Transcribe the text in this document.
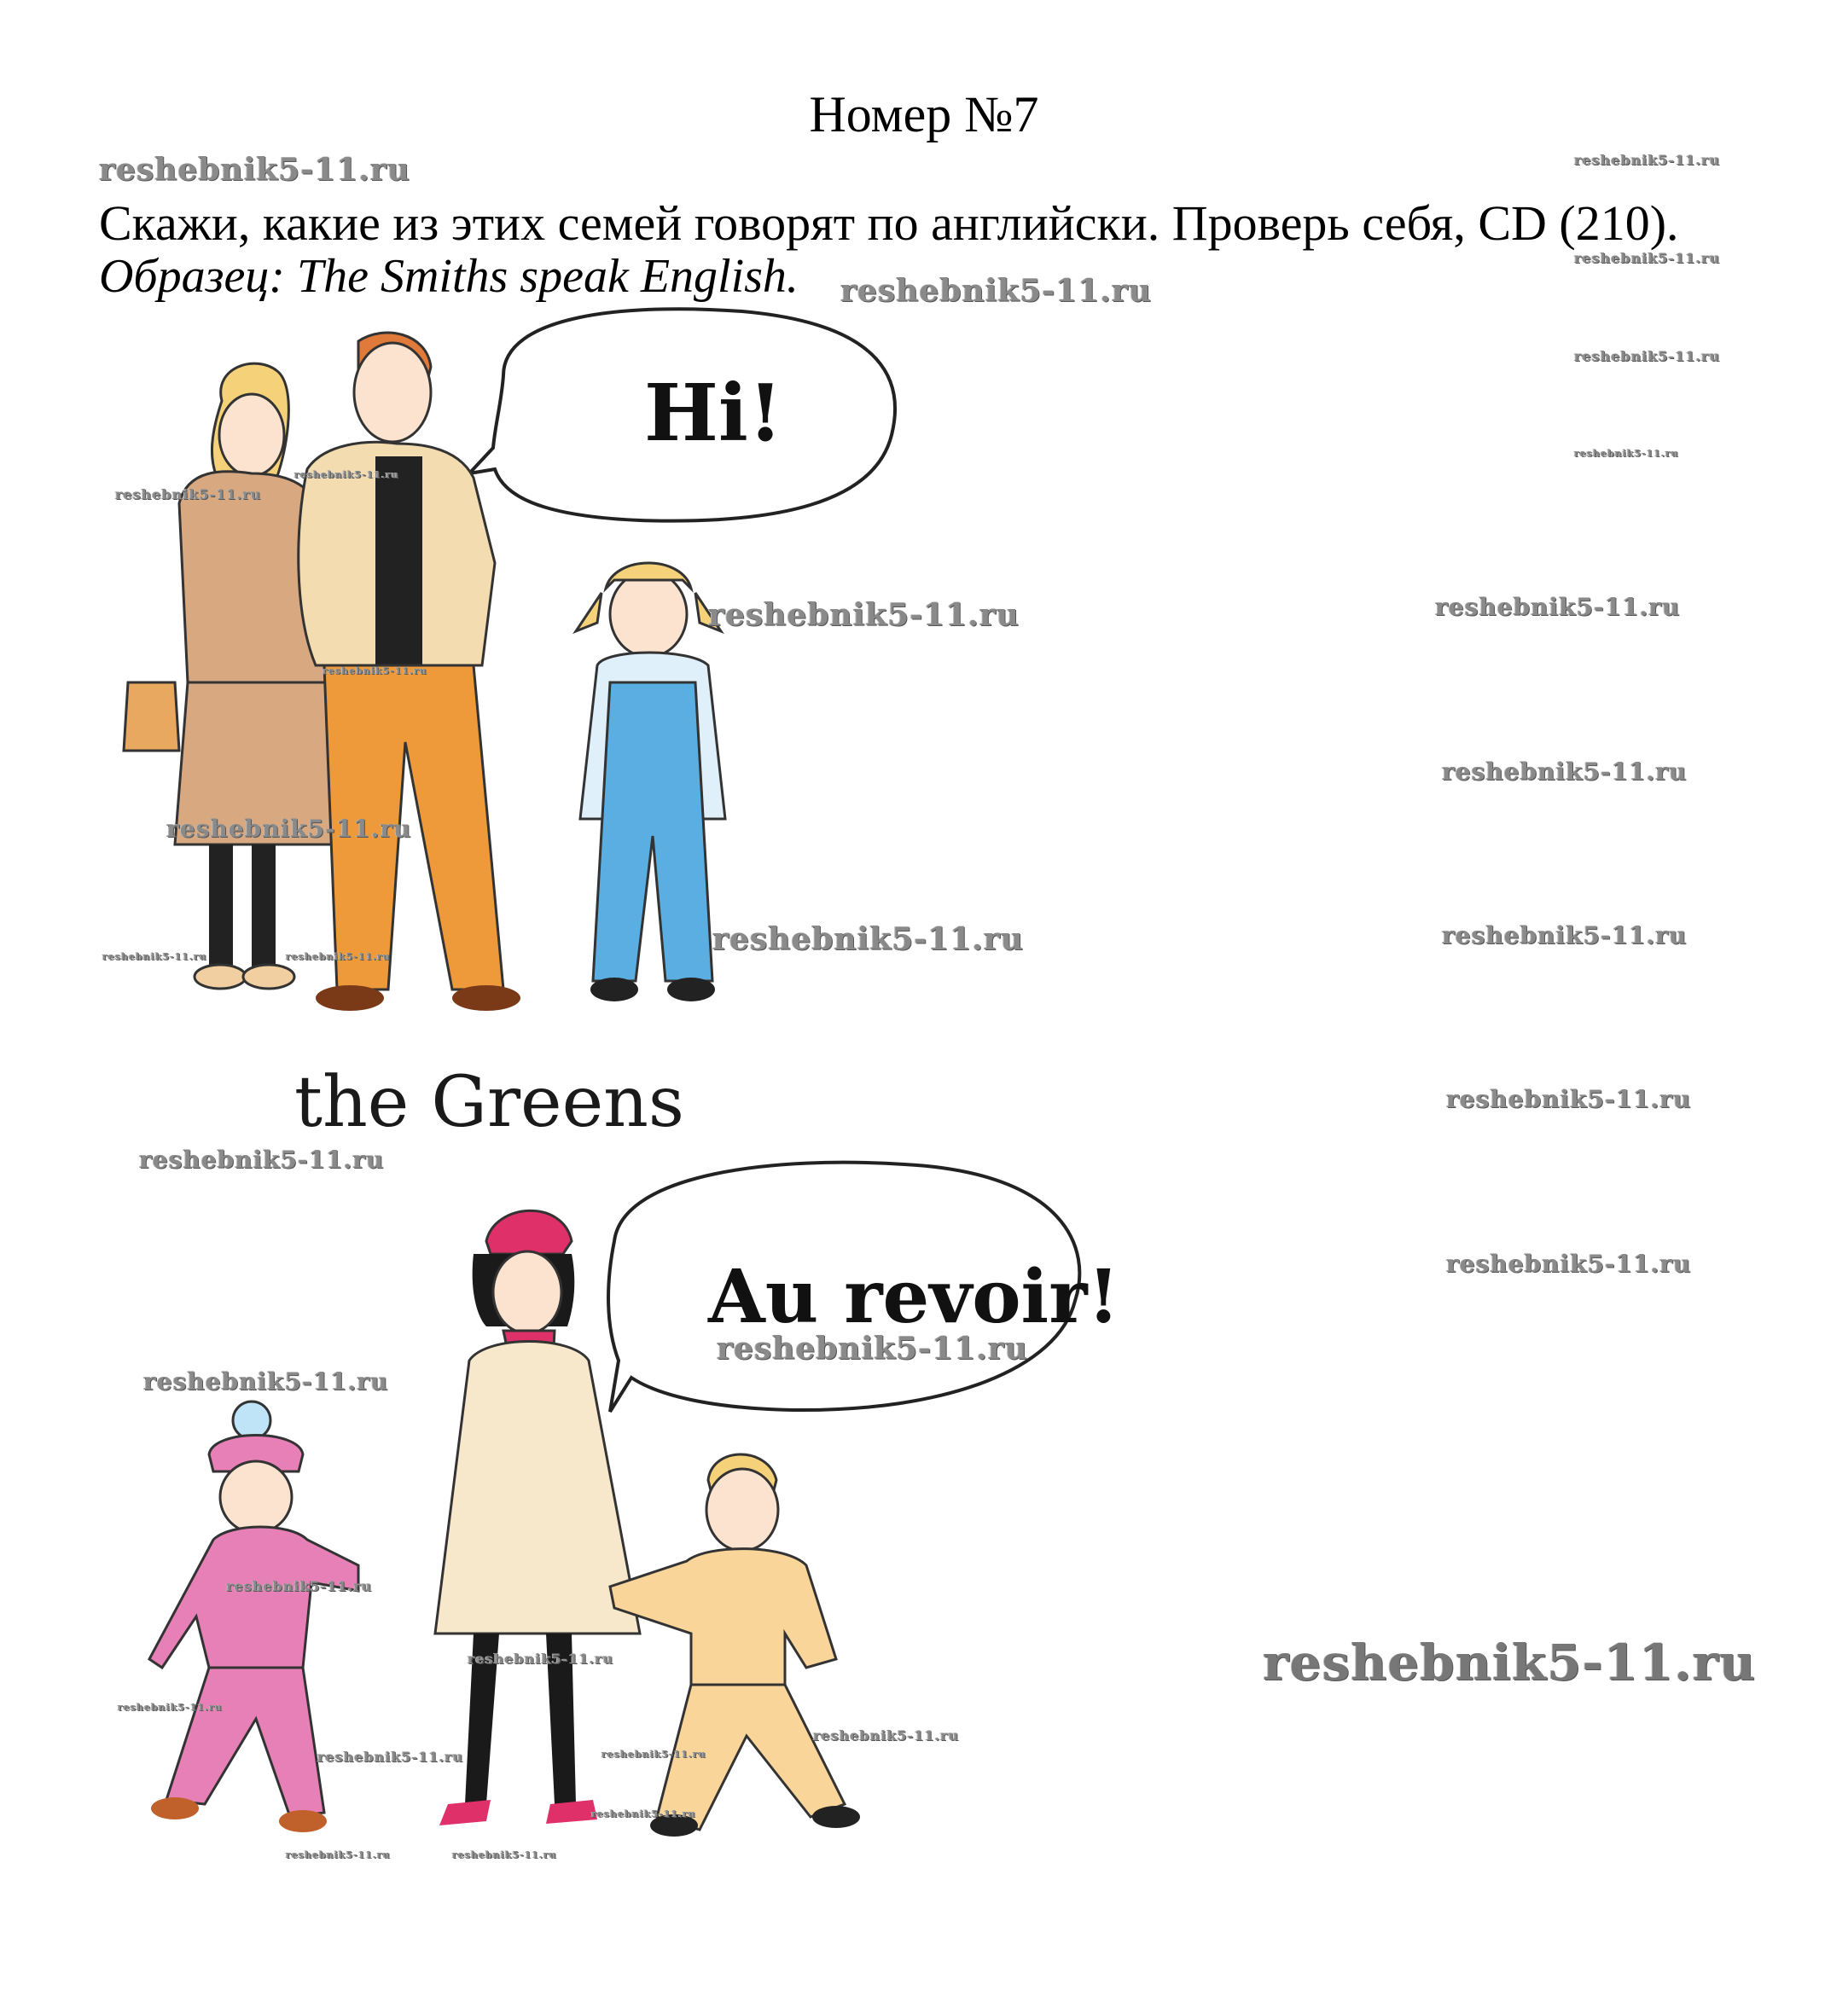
Номер №7
Скажи, какие из этих семей говорят по английски. Проверь себя, CD (210).
Образец: The Smiths speak English.
Hi!
the Greens
Au revoir!
reshebnik5-11.ru
reshebnik5-11.ru
reshebnik5-11.ru
reshebnik5-11.ru
reshebnik5-11.ru
reshebnik5-11.ru
reshebnik5-11.ru
reshebnik5-11.ru
reshebnik5-11.ru
reshebnik5-11.ru
reshebnik5-11.ru
reshebnik5-11.ru
reshebnik5-11.ru
reshebnik5-11.ru
reshebnik5-11.ru
reshebnik5-11.ru
reshebnik5-11.ru
reshebnik5-11.ru
reshebnik5-11.ru
reshebnik5-11.ru
reshebnik5-11.ru
reshebnik5-11.ru	reshebnik5-11.ru
reshebnik5-11.ru
reshebnik5-11.ru
reshebnik5-11.ru
reshebnik5-11.ru
reshebnik5-11.ru	reshebnik5-11.ru
reshebnik5-11.ru
reshebnik5-11.ru	reshebnik5-11.ru
